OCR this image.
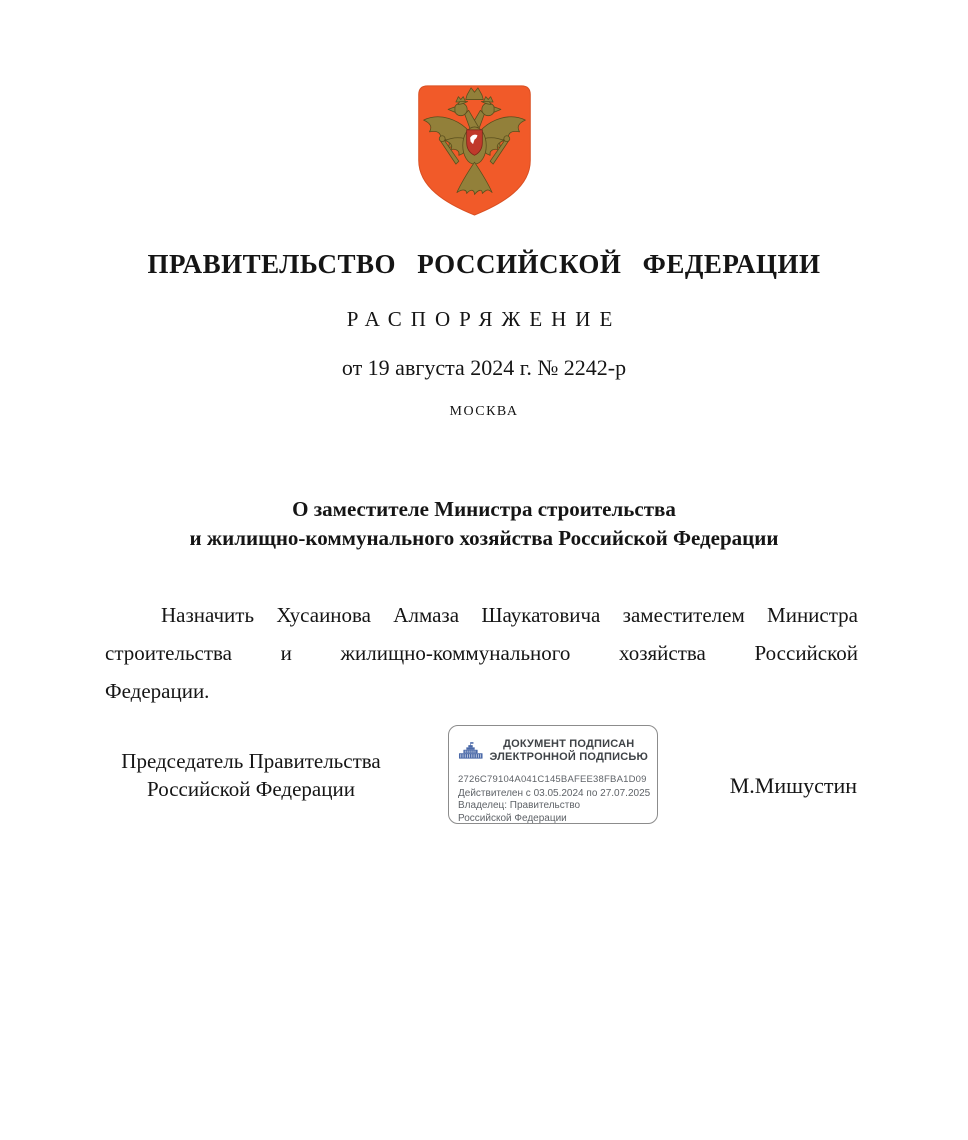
ПРАВИТЕЛЬСТВО РОССИЙСКОЙ ФЕДЕРАЦИИ
РАСПОРЯЖЕНИЕ
от 19 августа 2024 г. № 2242-р
МОСКВА
О заместителе Министра строительства
и жилищно-коммунального хозяйства Российской Федерации
Назначить Хусаинова Алмаза Шаукатовича заместителем Министра
строительства и жилищно-коммунального хозяйства Российской
Федерации.
Председатель Правительства
Российской Федерации
ДОКУМЕНТ ПОДПИСАН
ЭЛЕКТРОННОЙ ПОДПИСЬЮ
2726C79104A041C145BAFEE38FBA1D09
Действителен с 03.05.2024 по 27.07.2025
Владелец: Правительство Российской Федерации
М.Мишустин
